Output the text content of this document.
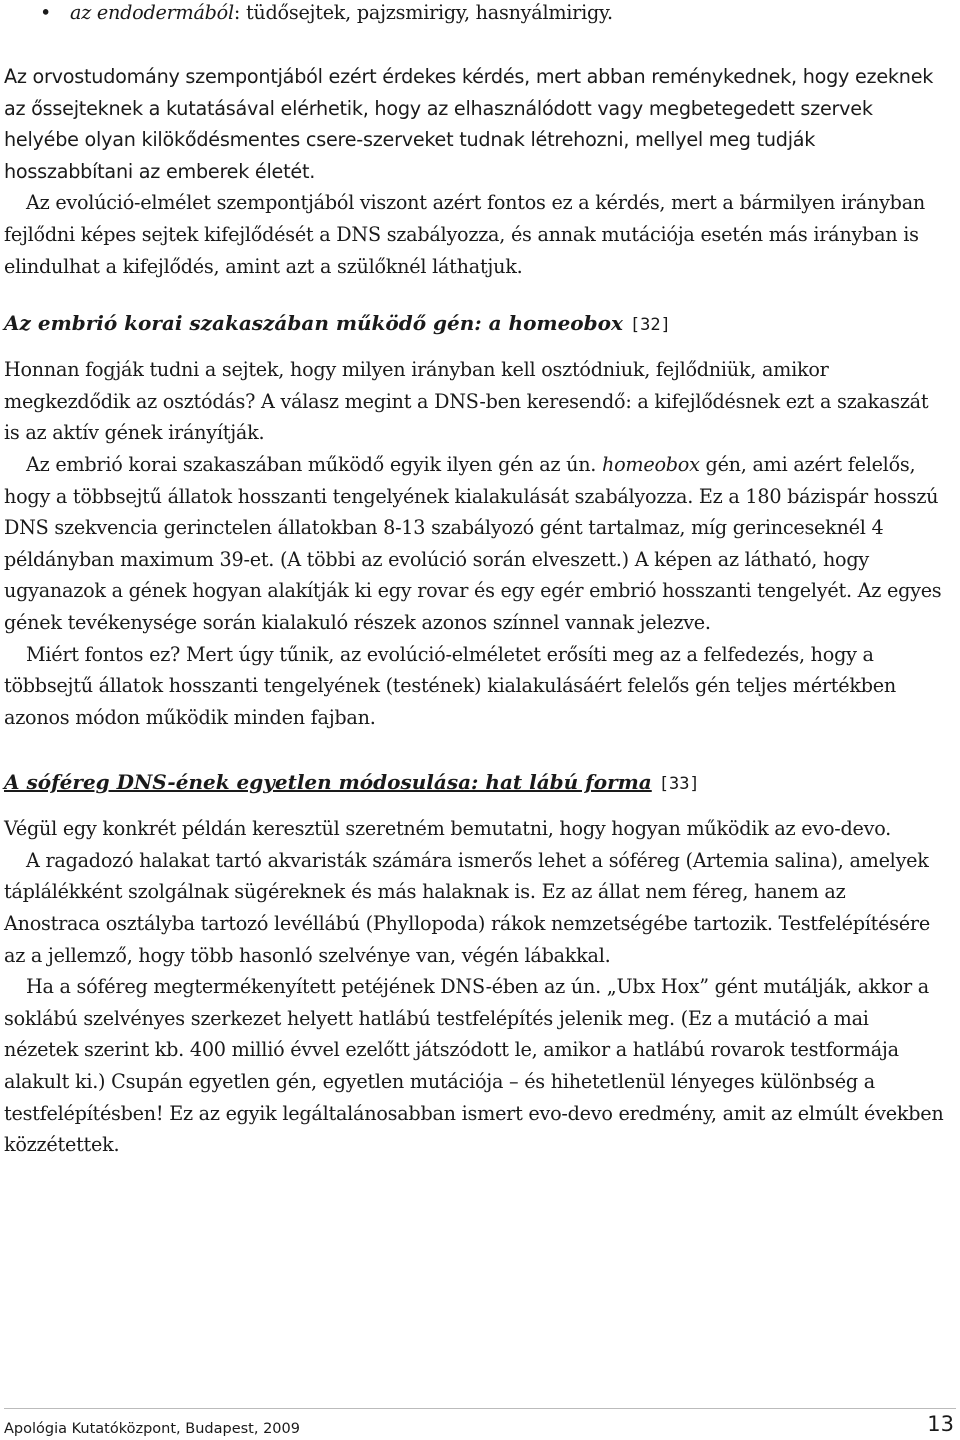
• az endodermából: tüdősejtek, pajzsmirigy, hasnyálmirigy.

Az orvostudomány szempontjából ezért érdekes kérdés, mert abban reménykednek, hogy ezeknek az őssejteknek a kutatásával elérhetik, hogy az elhasználódott vagy megbetegedett szervek helyébe olyan kilökődésmentes csere-szerveket tudnak létrehozni, mellyel meg tudják hosszabbítani az emberek életét.

Az evolúció-elmélet szempontjából viszont azért fontos ez a kérdés, mert a bármilyen irányban fejlődni képes sejtek kifejlődését a DNS szabályozza, és annak mutációja esetén más irányban is elindulhat a kifejlődés, amint azt a szülőknél láthatjuk.

Az embrió korai szakaszában működő gén: a homeobox [32]

Honnan fogják tudni a sejtek, hogy milyen irányban kell osztódniuk, fejlődniük, amikor megkezdődik az osztódás? A válasz megint a DNS-ben keresendő: a kifejlődésnek ezt a szakaszát is az aktív gének irányítják.

Az embrió korai szakaszában működő egyik ilyen gén az ún. homeobox gén, ami azért felelős, hogy a többsejtű állatok hosszanti tengelyének kialakulását szabályozza. Ez a 180 bázispár hosszú DNS szekvencia gerinctelen állatokban 8-13 szabályozó gént tartalmaz, míg gerinceseknél 4 példányban maximum 39-et. (A többi az evolúció során elveszett.) A képen az látható, hogy ugyanazok a gének hogyan alakítják ki egy rovar és egy egér embrió hosszanti tengelyét. Az egyes gének tevékenysége során kialakuló részek azonos színnel vannak jelezve.

Miért fontos ez? Mert úgy tűnik, az evolúció-elméletet erősíti meg az a felfedezés, hogy a többsejtű állatok hosszanti tengelyének (testének) kialakulásáért felelős gén teljes mértékben azonos módon működik minden fajban.

A sóféreg DNS-ének egyetlen módosulása: hat lábú forma [33]

Végül egy konkrét példán keresztül szeretném bemutatni, hogy hogyan működik az evo-devo.

A ragadozó halakat tartó akvaristák számára ismerős lehet a sóféreg (Artemia salina), amelyek táplálékként szolgálnak sügéreknek és más halaknak is. Ez az állat nem féreg, hanem az Anostraca osztályba tartozó levéllábú (Phyllopoda) rákok nemzetségébe tartozik. Testfelépítésére az a jellemző, hogy több hasonló szelvénye van, végén lábakkal.

Ha a sóféreg megtermékenyített petéjének DNS-ében az ún. „Ubx Hox” gént mutálják, akkor a soklábú szelvényes szerkezet helyett hatlábú testfelépítés jelenik meg. (Ez a mutáció a mai nézetek szerint kb. 400 millió évvel ezelőtt játszódott le, amikor a hatlábú rovarok testformája alakult ki.) Csupán egyetlen gén, egyetlen mutációja – és hihetetlenül lényeges különbség a testfelépítésben! Ez az egyik legáltalánosabban ismert evo-devo eredmény, amit az elmúlt években közzétettek.

Apológia Kutatóközpont, Budapest, 2009	13
